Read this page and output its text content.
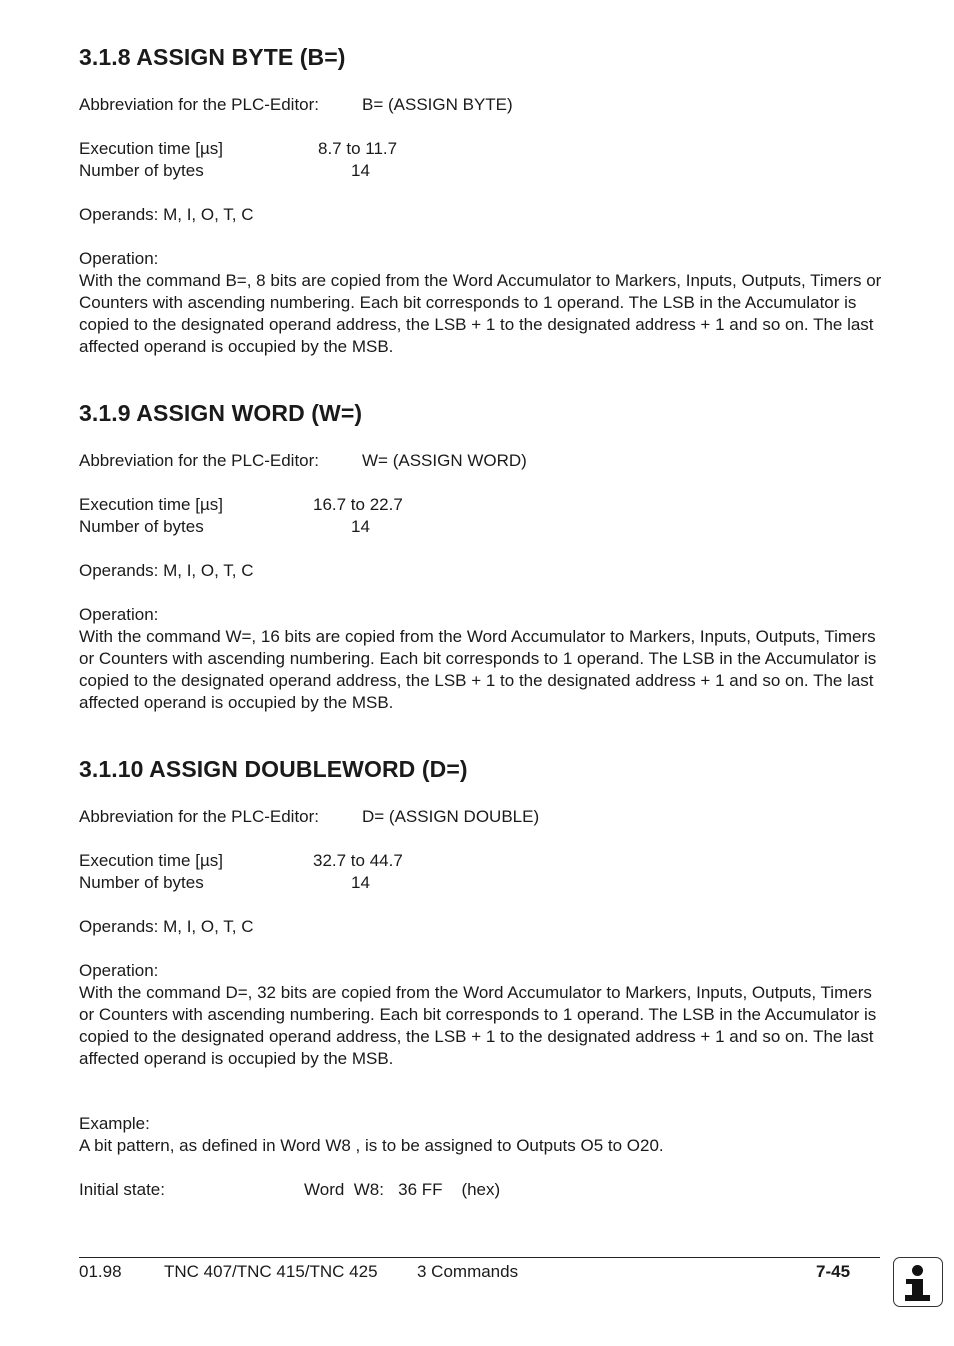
3.1.8 ASSIGN BYTE (B=)
Abbreviation for the PLC-Editor:	B= (ASSIGN BYTE)
Execution time [µs]	8.7 to 11.7
Number of bytes	14
Operands: M, I, O, T, C
Operation:
With the command B=, 8 bits are copied from the Word Accumulator to Markers, Inputs, Outputs, Timers or Counters with ascending numbering. Each bit corresponds to 1 operand. The LSB in the Accumulator is copied to the designated operand address, the LSB + 1 to the designated address + 1 and so on. The last affected operand is occupied by the MSB.
3.1.9 ASSIGN WORD (W=)
Abbreviation for the PLC-Editor:	W= (ASSIGN WORD)
Execution time [µs]	16.7 to 22.7
Number of bytes	14
Operands: M, I, O, T, C
Operation:
With the command W=, 16 bits are copied from the Word Accumulator to Markers, Inputs, Outputs, Timers or Counters with ascending numbering. Each bit corresponds to 1 operand. The LSB in the Accumulator is copied to the designated operand address, the LSB + 1 to the designated address + 1 and so on. The last affected operand is occupied by the MSB.
3.1.10 ASSIGN DOUBLEWORD (D=)
Abbreviation for the PLC-Editor:	D= (ASSIGN DOUBLE)
Execution time [µs]	32.7 to 44.7
Number of bytes	14
Operands: M, I, O, T, C
Operation:
With the command D=, 32 bits are copied from the Word Accumulator to Markers, Inputs, Outputs, Timers or Counters with ascending numbering. Each bit corresponds to 1 operand. The LSB in the Accumulator is copied to the designated operand address, the LSB + 1 to the designated address + 1 and so on. The last affected operand is occupied by the MSB.
Example:
A bit pattern, as defined in Word W8 , is to be assigned to Outputs O5 to O20.
Initial state:	Word  W8:   36 FF    (hex)
01.98 TNC 407/TNC 415/TNC 425 3 Commands	7-45
